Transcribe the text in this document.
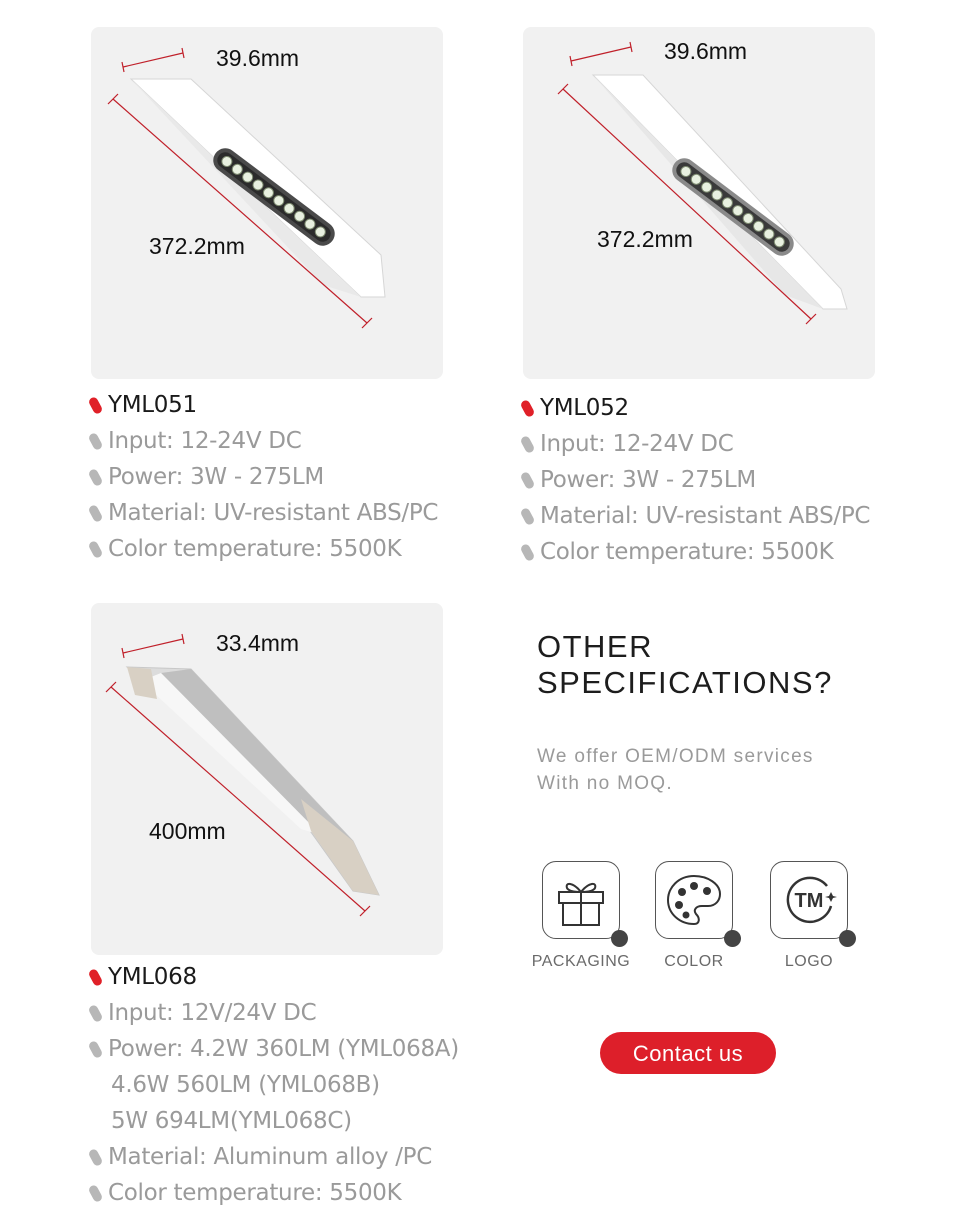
39.6mm
372.2mm
YML051
Input: 12-24V DC
Power: 3W - 275LM
Material: UV-resistant ABS/PC
Color temperature: 5500K
39.6mm
372.2mm
YML052
Input: 12-24V DC
Power: 3W - 275LM
Material: UV-resistant ABS/PC
Color temperature: 5500K
33.4mm
400mm
YML068
Input: 12V/24V DC
Power: 4.2W 360LM (YML068A)
4.6W 560LM (YML068B)
5W 694LM(YML068C)
Material: Aluminum alloy /PC
Color temperature: 5500K
OTHER
SPECIFICATIONS?
We offer OEM/ODM services
With no MOQ.
PACKAGING	COLOR
TM
LOGO
Contact us
